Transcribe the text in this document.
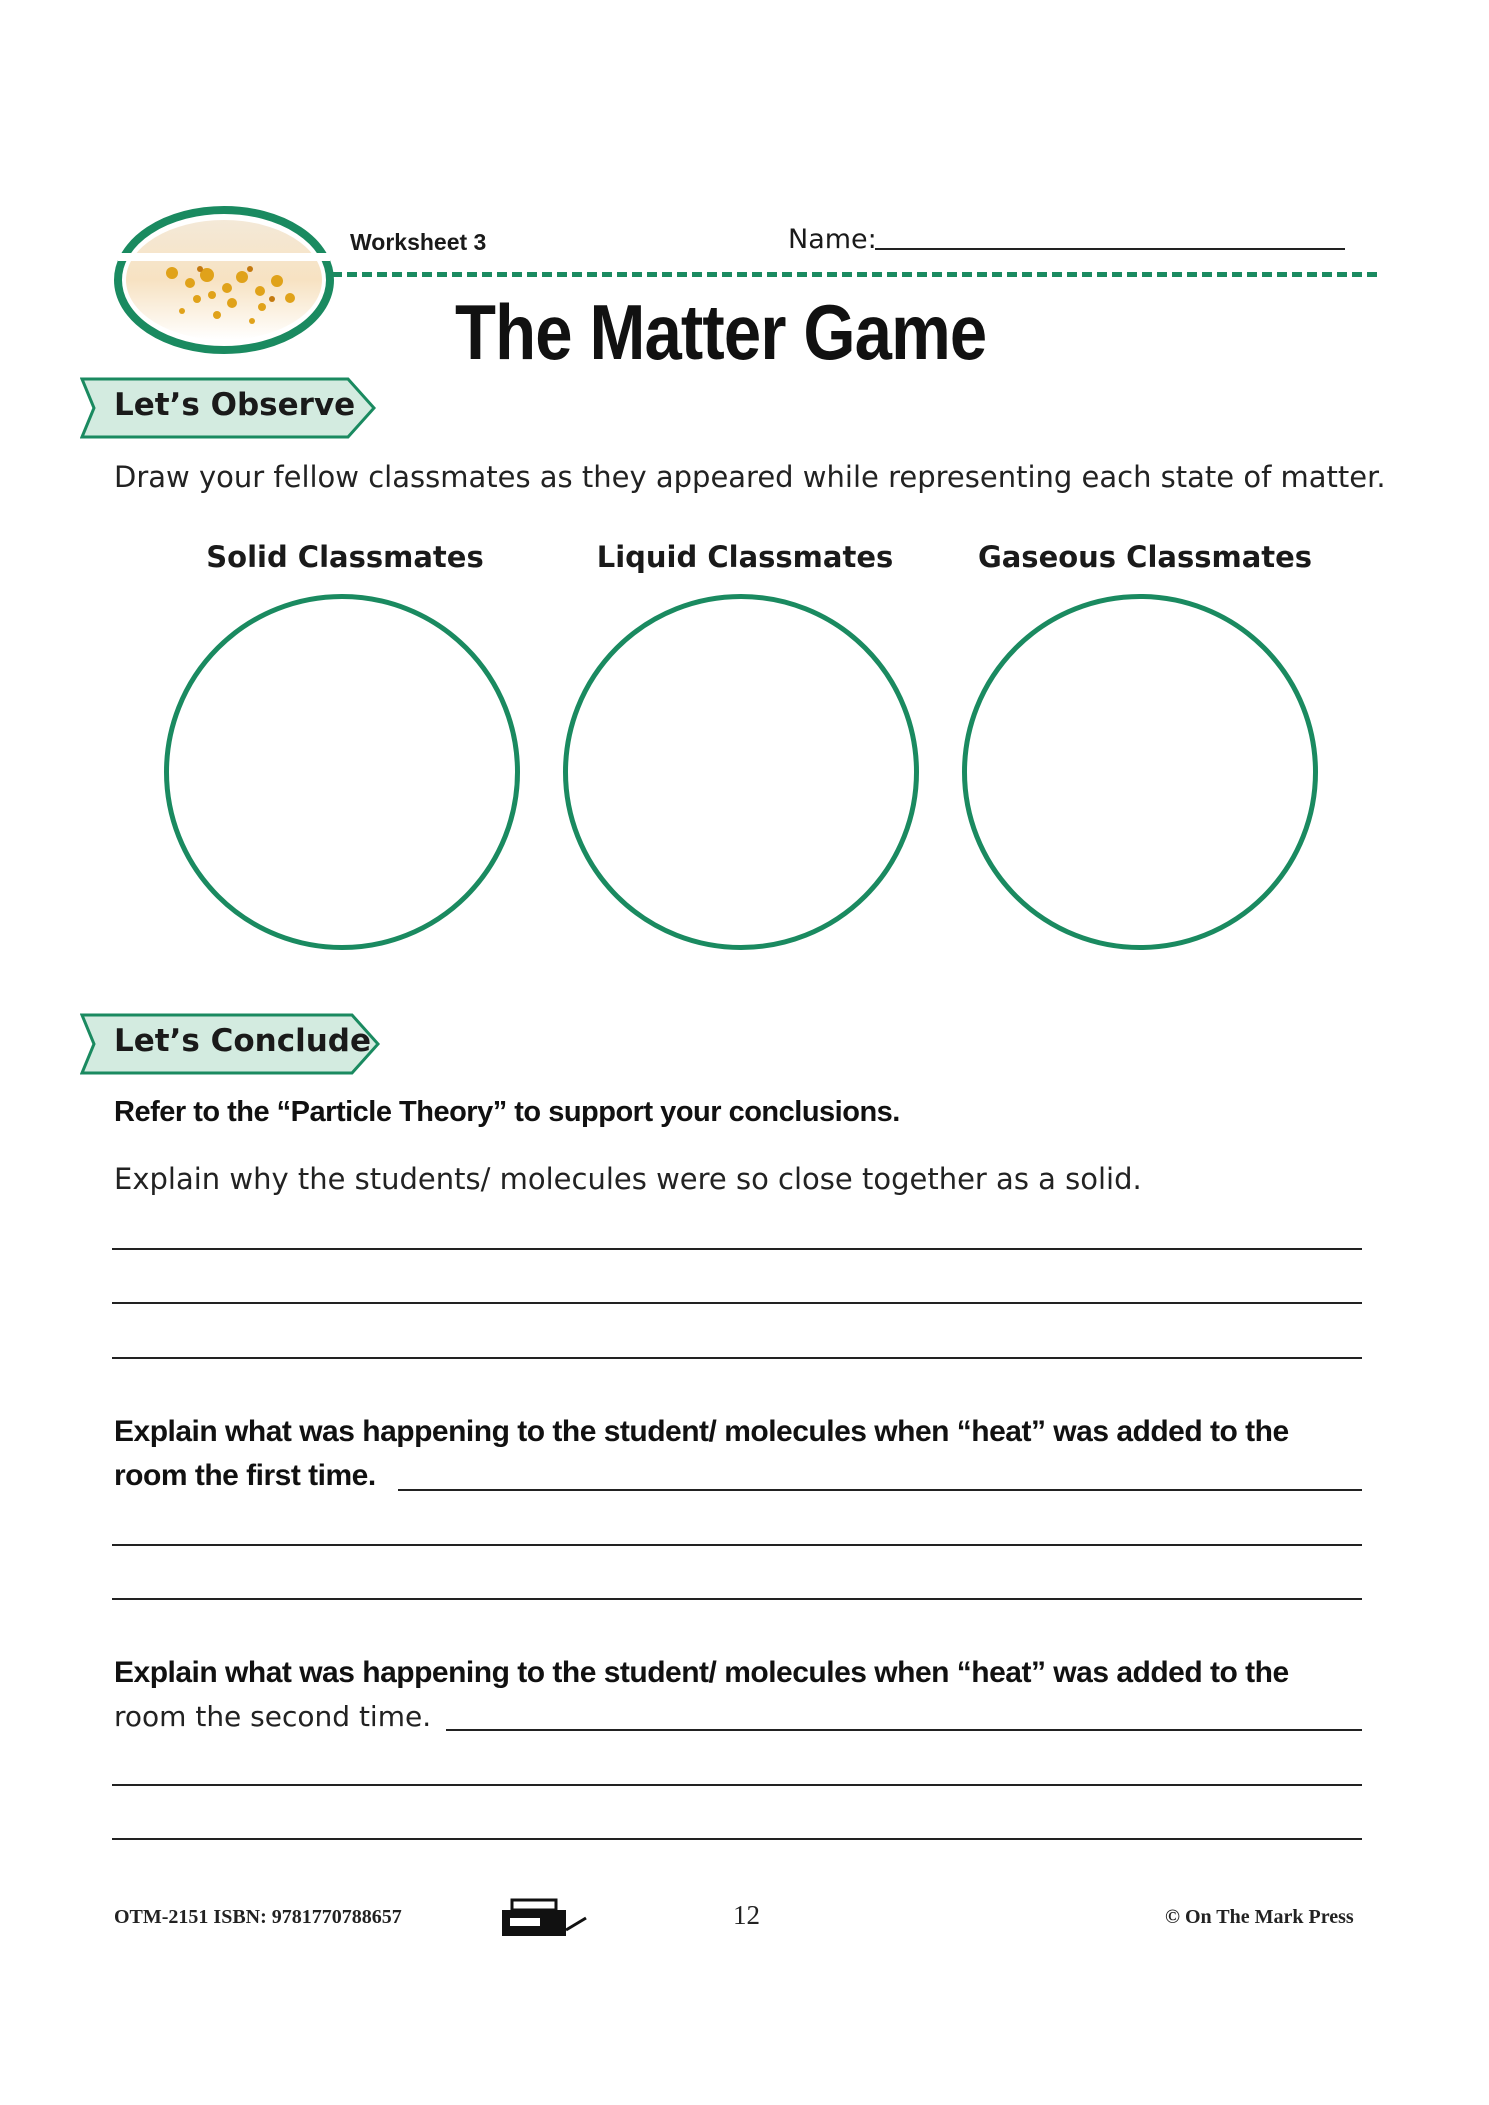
Worksheet 3	Name:
The Matter Game
Let’s Observe
Draw your fellow classmates as they appeared while representing each state of matter.
Solid Classmates	Liquid Classmates	Gaseous Classmates
Let’s Conclude
Refer to the “Particle Theory” to support your conclusions.
Explain why the students/ molecules were so close together as a solid.
Explain what was happening to the student/ molecules when “heat” was added to the
room the first time.
Explain what was happening to the student/ molecules when “heat” was added to the
room the second time.
OTM-2151 ISBN: 9781770788657	12	© On The Mark Press
